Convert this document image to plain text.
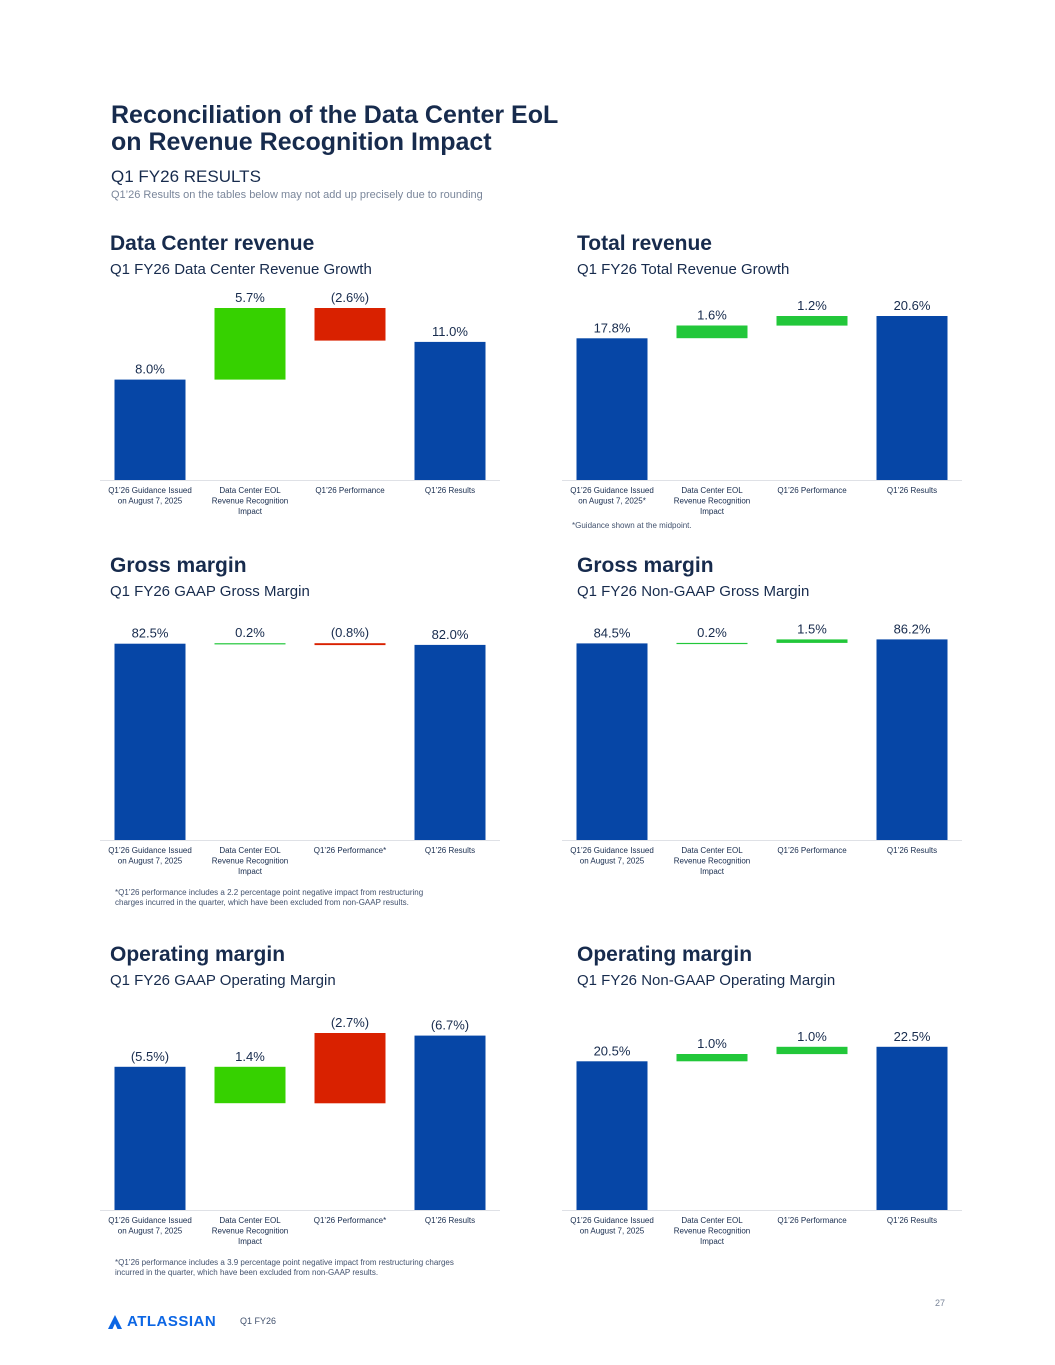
Reconciliation of the Data Center EoL
on Revenue Recognition Impact
Q1 FY26 RESULTS
Q1’26 Results on the tables below may not add up precisely due to rounding
Data Center revenue
Q1 FY26 Data Center Revenue Growth
8.0%
Q1’26 Guidance Issued
on August 7, 2025
5.7%
Data Center EOL
Revenue Recognition
Impact
(2.6%)
Q1’26 Performance
11.0%
Q1’26 Results
Total revenue
Q1 FY26 Total Revenue Growth
17.8%
Q1’26 Guidance Issued
on August 7, 2025*
1.6%
Data Center EOL
Revenue Recognition
Impact
1.2%
Q1’26 Performance
20.6%
Q1’26 Results
*Guidance shown at the midpoint.
Gross margin
Q1 FY26 GAAP Gross Margin
82.5%
Q1’26 Guidance Issued
on August 7, 2025
0.2%
Data Center EOL
Revenue Recognition
Impact
(0.8%)
Q1’26 Performance*
82.0%
Q1’26 Results
*Q1’26 performance includes a 2.2 percentage point negative impact from restructuring
charges incurred in the quarter, which have been excluded from non-GAAP results.
Gross margin
Q1 FY26 Non-GAAP Gross Margin
84.5%
Q1’26 Guidance Issued
on August 7, 2025
0.2%
Data Center EOL
Revenue Recognition
Impact
1.5%
Q1’26 Performance
86.2%
Q1’26 Results
Operating margin
Q1 FY26 GAAP Operating Margin
(5.5%)
Q1’26 Guidance Issued
on August 7, 2025
1.4%
Data Center EOL
Revenue Recognition
Impact
(2.7%)
Q1’26 Performance*
(6.7%)
Q1’26 Results
*Q1’26 performance includes a 3.9 percentage point negative impact from restructuring charges
incurred in the quarter, which have been excluded from non-GAAP results.
Operating margin
Q1 FY26 Non-GAAP Operating Margin
20.5%
Q1’26 Guidance Issued
on August 7, 2025
1.0%
Data Center EOL
Revenue Recognition
Impact
1.0%
Q1’26 Performance
22.5%
Q1’26 Results
ATLASSIAN	Q1 FY26
27
